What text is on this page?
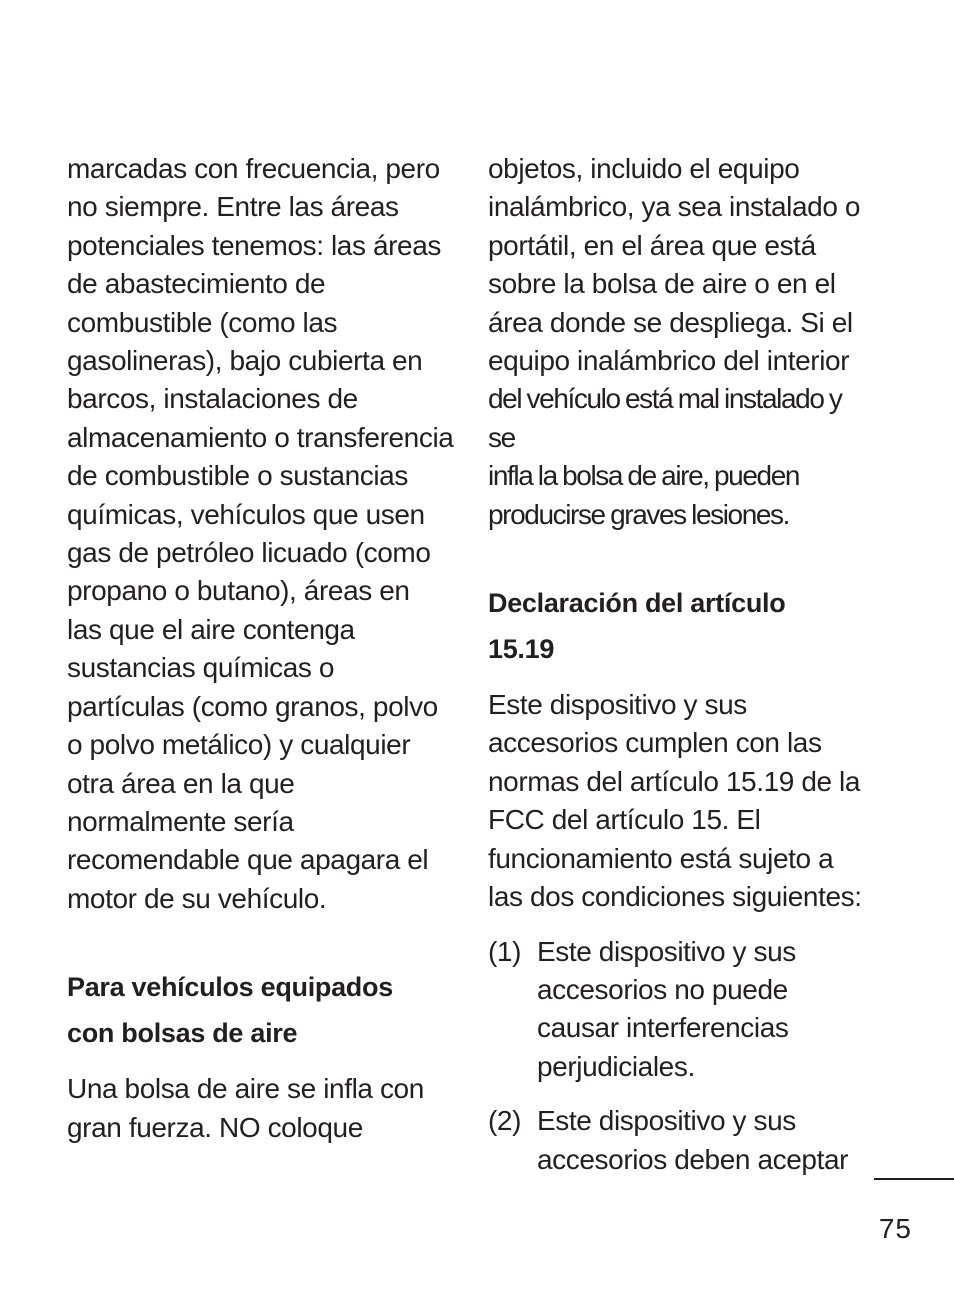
marcadas con frecuencia, pero
no siempre. Entre las áreas
potenciales tenemos: las áreas
de abastecimiento de
combustible (como las
gasolineras), bajo cubierta en
barcos, instalaciones de
almacenamiento o transferencia
de combustible o sustancias
químicas, vehículos que usen
gas de petróleo licuado (como
propano o butano), áreas en
las que el aire contenga
sustancias químicas o
partículas (como granos, polvo
o polvo metálico) y cualquier
otra área en la que
normalmente sería
recomendable que apagara el
motor de su vehículo.

Para vehículos equipados
con bolsas de aire

Una bolsa de aire se infla con
gran fuerza. NO coloque

objetos, incluido el equipo
inalámbrico, ya sea instalado o
portátil, en el área que está
sobre la bolsa de aire o en el
área donde se despliega. Si el
equipo inalámbrico del interior

del vehículo está mal instalado y se
infla la bolsa de aire, pueden
producirse graves lesiones.

Declaración del artículo
15.19

Este dispositivo y sus
accesorios cumplen con las
normas del artículo 15.19 de la
FCC del artículo 15. El
funcionamiento está sujeto a
las dos condiciones siguientes:

(1) Este dispositivo y sus
accesorios no puede
causar interferencias
perjudiciales.
(2) Este dispositivo y sus
accesorios deben aceptar
75
